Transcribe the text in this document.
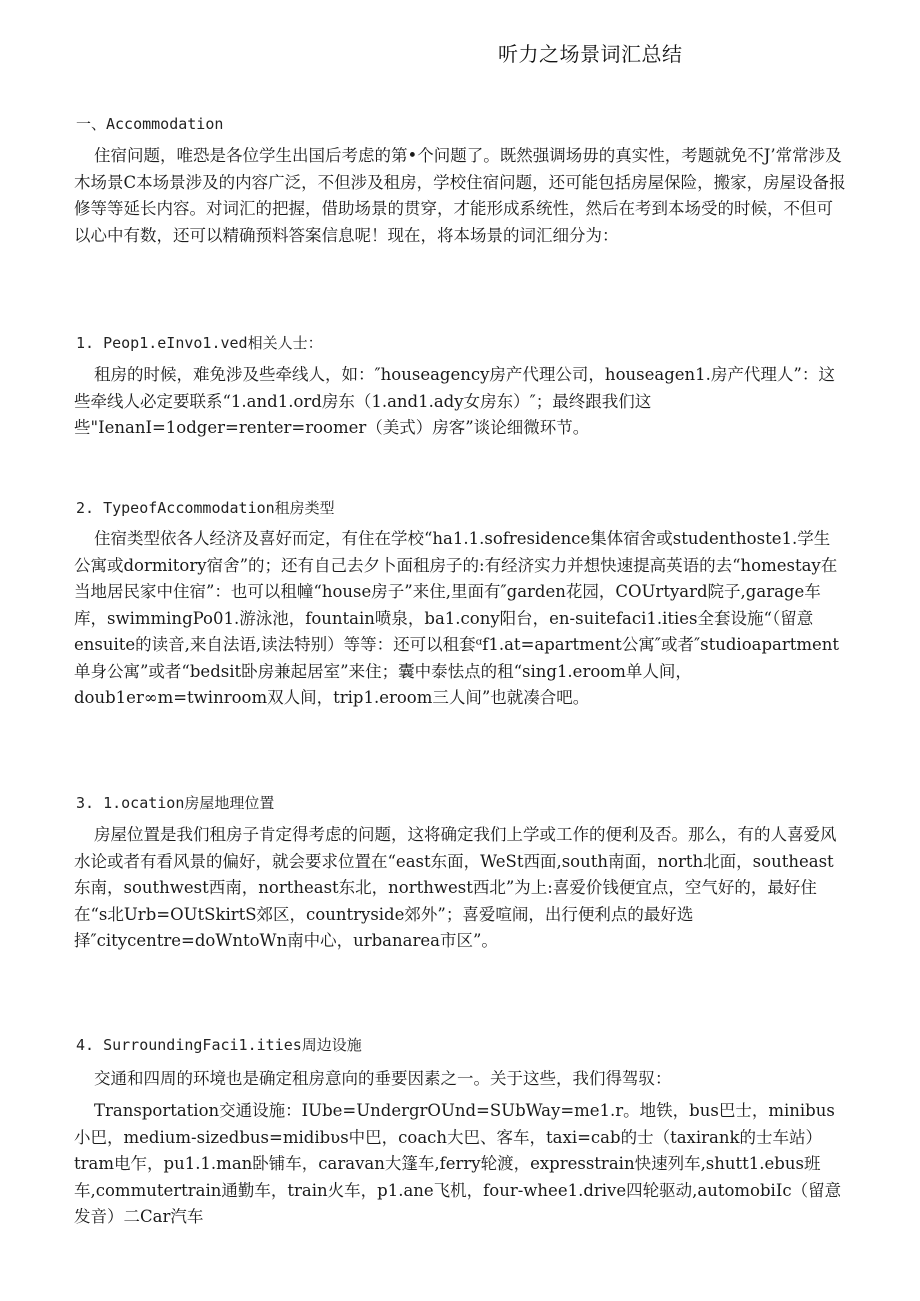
听力之场景词汇总结
一、Accommodation

住宿问题，唯恐是各位学生出国后考虑的第•个问题了。既然强调场毋的真实性，考题就免不J’常常涉及木场景C本场景涉及的内容广泛，不但涉及租房，学校住宿问题，还可能包括房屋保险，搬家，房屋设备报修等等延长内容。对词汇的把握，借助场景的贯穿，才能形成系统性，然后在考到本场受的时候，不但可以心中有数，还可以精确预料答案信息呢！现在，将本场景的词汇细分为：

1. Peop1.eInvo1.ved相关人士：

租房的时候，难免涉及些牵线人，如：″houseagency房产代理公司，houseagen1.房产代理人”：这些牵线人必定要联系“1.and1.ord房东（1.and1.ady女房东）″；最终跟我们这些"IenanI=1odger=renter=roomer（美式）房客”谈论细微环节。

2. TypeofAccommodation租房类型

住宿类型依各人经济及喜好而定，有住在学校“ha1.1.sofresidence集体宿舍或studenthoste1.学生公寓或dormitory宿舍”的；还有自己去夕卜面租房子的:有经济实力并想快速提高英语的去“homestay在当地居民家中住宿”：也可以租幢“house房子”来住,里面有″garden花园，COUrtyard院子,garage车库，swimmingPo01.游泳池，fountain喷泉，ba1.cony阳台，en-suitefaci1.ities全套设施“（留意ensuite的读音,来自法语,读法特别）等等：还可以租套ᵅf1.at=apartment公寓″或者″studioapartment单身公寓”或者“bedsit卧房兼起居室”来住；囊中泰怯点的租“sing1.eroom单人间，doub1er∞m=twinroom双人间，trip1.eroom三人间”也就凑合吧。

3. 1.ocation房屋地理位置

房屋位置是我们租房子肯定得考虑的问题，这将确定我们上学或工作的便利及否。那么，有的人喜爱风水论或者有看风景的偏好，就会要求位置在“east东面，WeSt西面,south南面，north北面，southeast东南，southwest西南，northeast东北，northwest西北”为上:喜爱价钱便宜点，空气好的，最好住在“s北Urb=OUtSkirtS郊区，countryside郊外”；喜爱喧闹，出行便利点的最好选择″citycentre=doWntoWn南中心，urbanarea市区”。

4. SurroundingFaci1.ities周边设施

交通和四周的环境也是确定租房意向的垂要因素之一。关于这些，我们得驾驭：

Transportation交通设施：IUbe=UndergrOUnd=SUbWay=me1.r。地铁，bus巴士，minibus小巴，medium-sizedbus=midibʋs中巴，coach大巴、客车，taxi=cab的士（taxirank的士车站）tram电乍，pu1.1.man卧铺车，caravan大篷车,ferry轮渡，expresstrain快速列车,shutt1.ebus班车,commutertrain通勤车，train火车，p1.ane飞机，four-whee1.drive四轮驱动,automobiIc（留意发音）二Car汽车
